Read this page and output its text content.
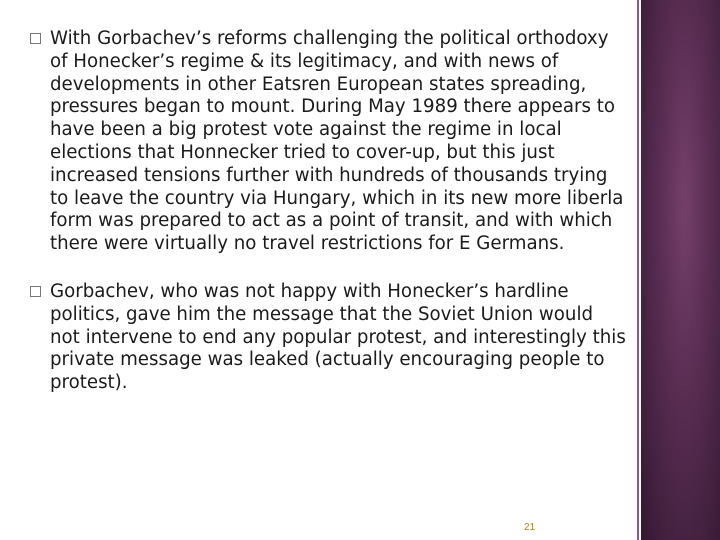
With Gorbachev’s reforms challenging the political orthodoxy of Honecker’s regime & its legitimacy, and with news of developments in other Eatsren European states spreading, pressures began to mount. During May 1989 there appears to have been a big protest vote against the regime in local elections that Honnecker tried to cover-up, but this just increased tensions further with hundreds of thousands trying to leave the country via Hungary, which in its new more liberla form was prepared to act as a point of transit, and with which there were virtually no travel restrictions for E Germans.
Gorbachev, who was not happy with Honecker’s hardline politics, gave him the message that the Soviet Union would not intervene to end any popular protest, and interestingly this private message was leaked (actually encouraging people to protest).
21
